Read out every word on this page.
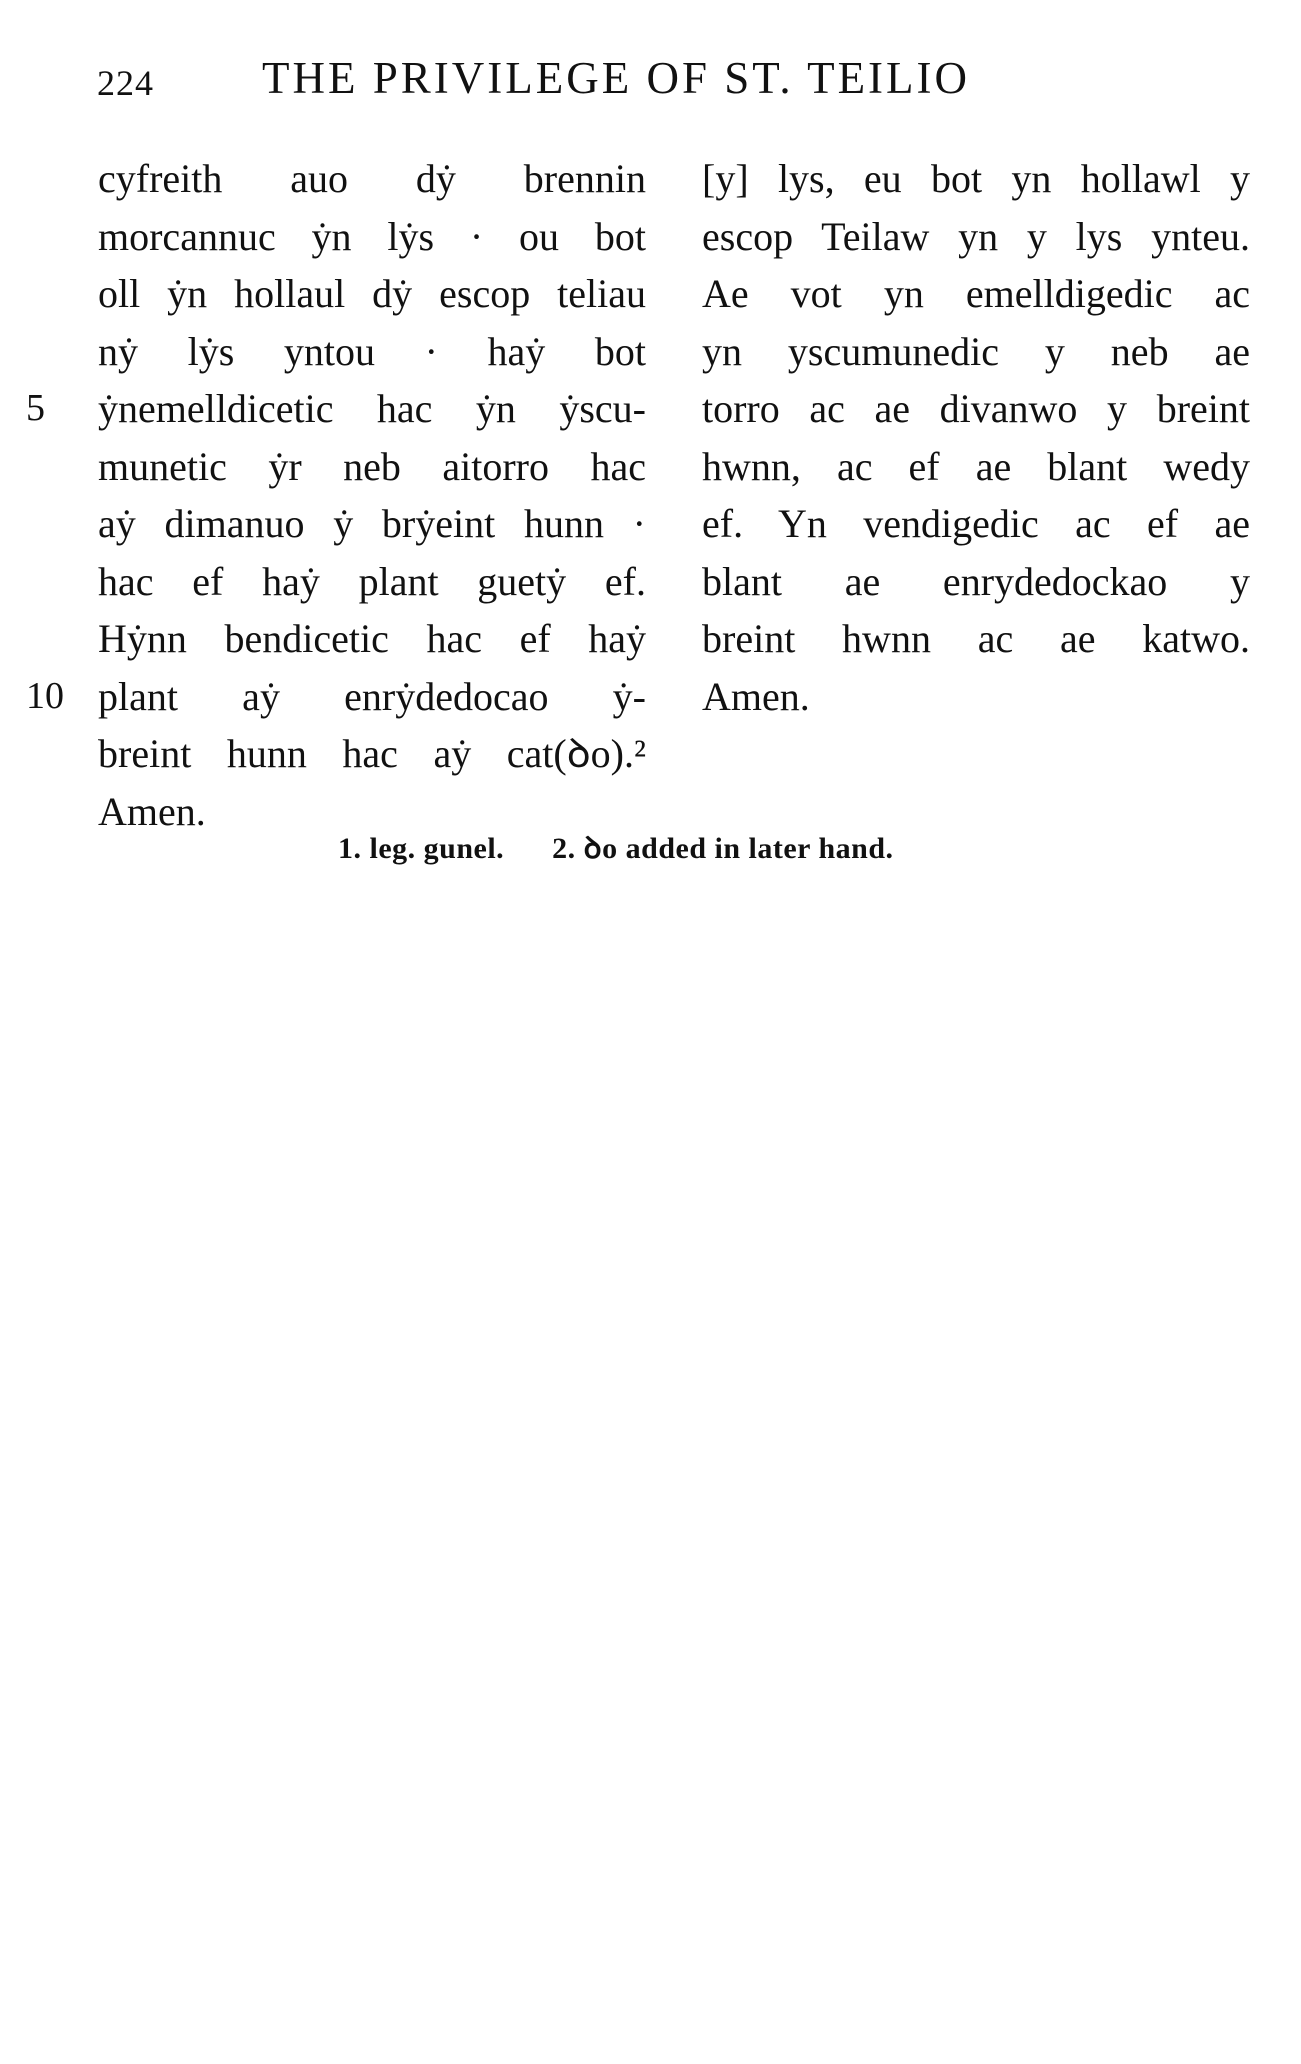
224 THE PRIVILEGE OF ST. TEILIO
cyfreith auo dẏ brennin
morcannuc ẏn lẏs · ou bot
oll ẏn hollaul dẏ escop teliau
nẏ lẏs yntou · haẏ bot
5	ẏnemelldicetic hac ẏn ẏscu-
munetic ẏr neb aitorro hac
aẏ dimanuo ẏ brẏeint hunn ·
hac ef haẏ plant guetẏ ef.
Hẏnn bendicetic hac ef haẏ
10 plant aẏ enrẏdedocao ẏ-
breint hunn hac aẏ cat(ꝺo).²
Amen.
[y] lys, eu bot yn hollawl y
escop Teilaw yn y lys ynteu.
Ae vot yn emelldigedic ac
yn yscumunedic y neb ae
torro ac ae divanwo y breint
hwnn, ac ef ae blant wedy
ef. Yn vendigedic ac ef ae
blant ae enrydedockao y
breint hwnn ac ae katwo.
Amen.
1. leg. gunel. 2. ꝺo added in later hand.
